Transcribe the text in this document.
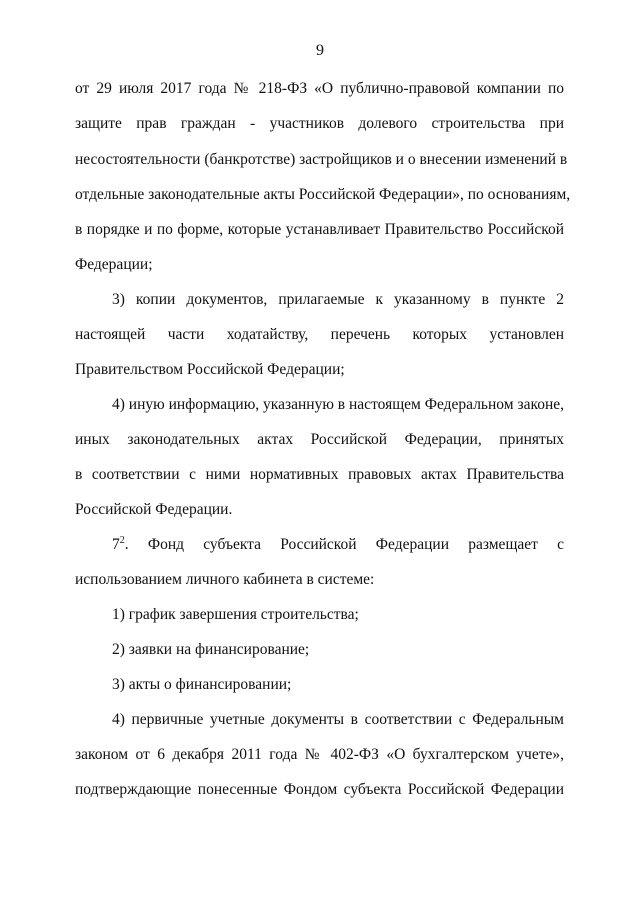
9
от 29 июля 2017 года № 218-ФЗ «О публично-правовой компании по
защите прав граждан - участников долевого строительства при
несостоятельности (банкротстве) застройщиков и о внесении изменений в
отдельные законодательные акты Российской Федерации», по основаниям,
в порядке и по форме, которые устанавливает Правительство Российской
Федерации;
3) копии документов, прилагаемые к указанному в пункте 2
настоящей части ходатайству, перечень которых установлен
Правительством Российской Федерации;
4) иную информацию, указанную в настоящем Федеральном законе,
иных законодательных актах Российской Федерации, принятых
в соответствии с ними нормативных правовых актах Правительства
Российской Федерации.
$7^2$. Фонд субъекта Российской Федерации размещает с
использованием личного кабинета в системе:
1) график завершения строительства;
2) заявки на финансирование;
3) акты о финансировании;
4) первичные учетные документы в соответствии с Федеральным
законом от 6 декабря 2011 года № 402-ФЗ «О бухгалтерском учете»,
подтверждающие понесенные Фондом субъекта Российской Федерации
